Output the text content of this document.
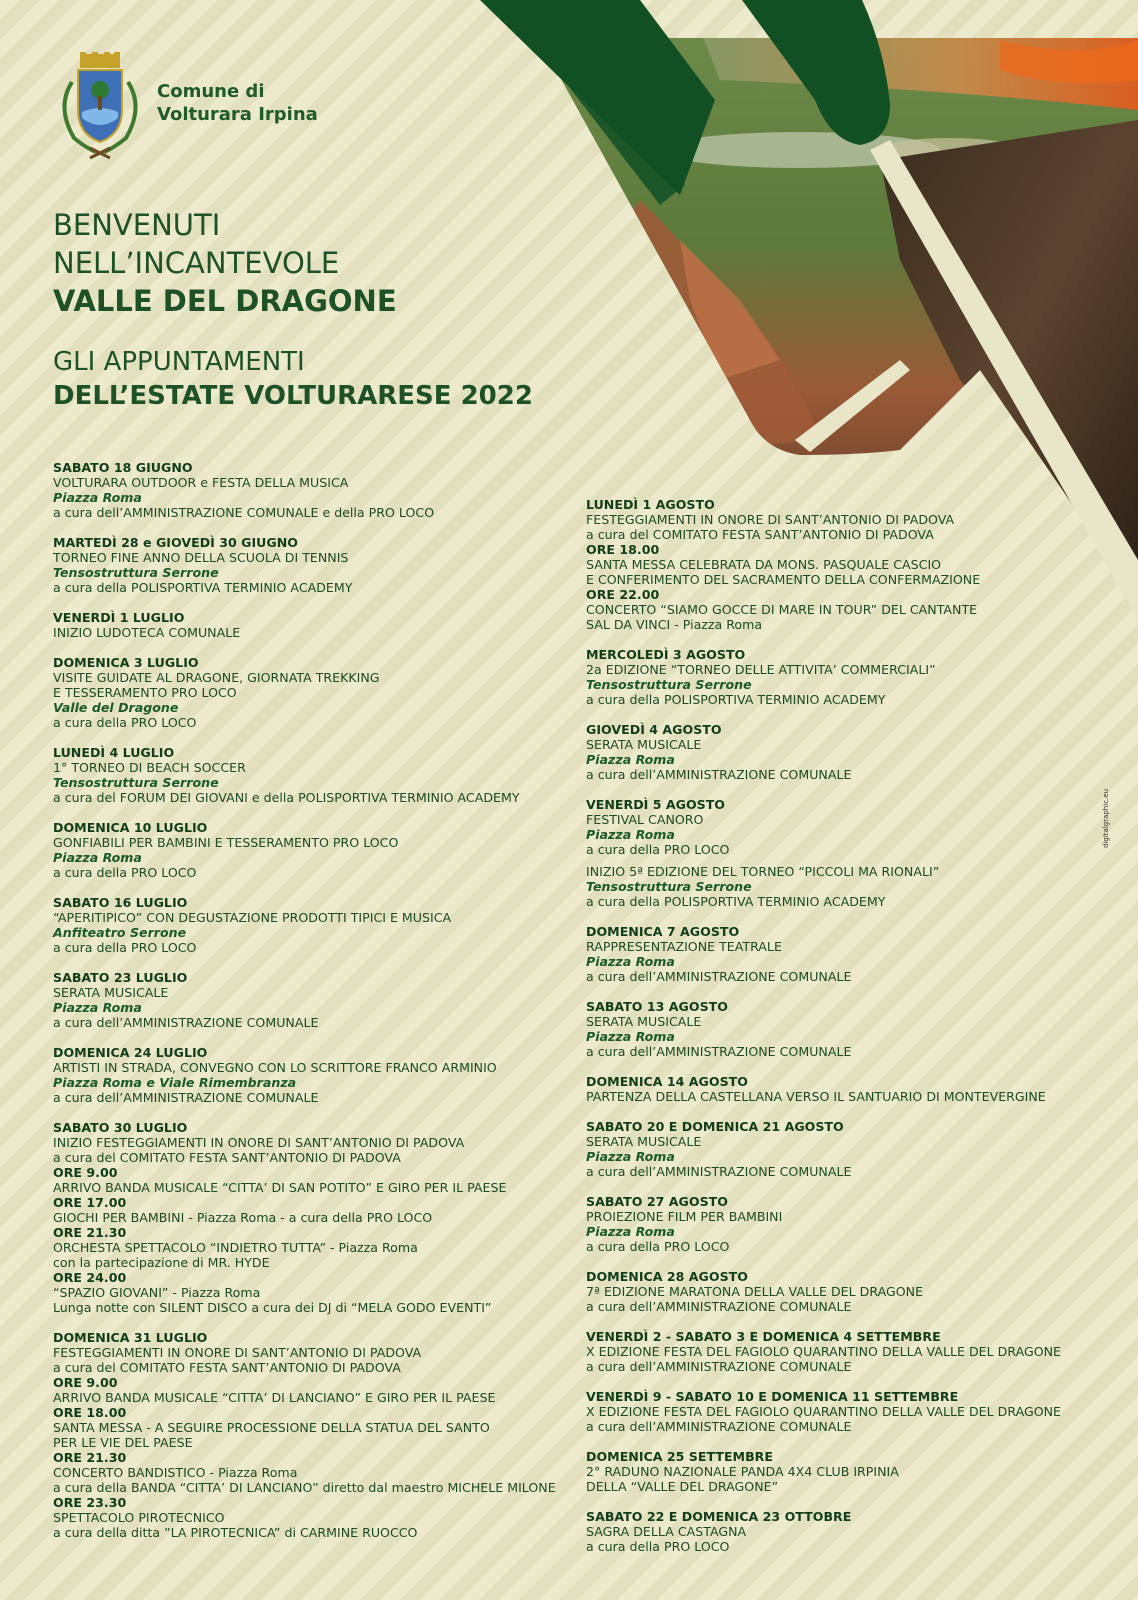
Comune di
Volturara Irpina
BENVENUTI
NELL’INCANTEVOLE
VALLE DEL DRAGONE
GLI APPUNTAMENTI
DELL’ESTATE VOLTURARESE 2022
SABATO 18 GIUGNO
VOLTURARA OUTDOOR e FESTA DELLA MUSICA
Piazza Roma
a cura dell’AMMINISTRAZIONE COMUNALE e della PRO LOCO
MARTEDÌ 28 e GIOVEDÌ 30 GIUGNO
TORNEO FINE ANNO DELLA SCUOLA DI TENNIS
Tensostruttura Serrone
a cura della POLISPORTIVA TERMINIO ACADEMY
VENERDÌ 1 LUGLIO
INIZIO LUDOTECA COMUNALE
DOMENICA 3 LUGLIO
VISITE GUIDATE AL DRAGONE, GIORNATA TREKKING
E TESSERAMENTO PRO LOCO
Valle del Dragone
a cura della PRO LOCO
LUNEDÌ 4 LUGLIO
1° TORNEO DI BEACH SOCCER
Tensostruttura Serrone
a cura del FORUM DEI GIOVANI e della POLISPORTIVA TERMINIO ACADEMY
DOMENICA 10 LUGLIO
GONFIABILI PER BAMBINI E TESSERAMENTO PRO LOCO
Piazza Roma
a cura della PRO LOCO
SABATO 16 LUGLIO
“APERITIPICO” CON DEGUSTAZIONE PRODOTTI TIPICI E MUSICA
Anfiteatro Serrone
a cura della PRO LOCO
SABATO 23 LUGLIO
SERATA MUSICALE
Piazza Roma
a cura dell’AMMINISTRAZIONE COMUNALE
DOMENICA 24 LUGLIO
ARTISTI IN STRADA, CONVEGNO CON LO SCRITTORE FRANCO ARMINIO
Piazza Roma e Viale Rimembranza
a cura dell’AMMINISTRAZIONE COMUNALE
SABATO 30 LUGLIO
INIZIO FESTEGGIAMENTI IN ONORE DI SANT’ANTONIO DI PADOVA
a cura del COMITATO FESTA SANT’ANTONIO DI PADOVA
ORE 9.00
ARRIVO BANDA MUSICALE “CITTA’ DI SAN POTITO” E GIRO PER IL PAESE
ORE 17.00
GIOCHI PER BAMBINI - Piazza Roma - a cura della PRO LOCO
ORE 21.30
ORCHESTA SPETTACOLO “INDIETRO TUTTA” - Piazza Roma
con la partecipazione di MR. HYDE
ORE 24.00
“SPAZIO GIOVANI” - Piazza Roma
Lunga notte con SILENT DISCO a cura dei DJ di “MELA GODO EVENTI”
DOMENICA 31 LUGLIO
FESTEGGIAMENTI IN ONORE DI SANT’ANTONIO DI PADOVA
a cura del COMITATO FESTA SANT’ANTONIO DI PADOVA
ORE 9.00
ARRIVO BANDA MUSICALE “CITTA’ DI LANCIANO” E GIRO PER IL PAESE
ORE 18.00
SANTA MESSA - A SEGUIRE PROCESSIONE DELLA STATUA DEL SANTO
PER LE VIE DEL PAESE
ORE 21.30
CONCERTO BANDISTICO - Piazza Roma
a cura della BANDA “CITTA’ DI LANCIANO” diretto dal maestro MICHELE MILONE
ORE 23.30
SPETTACOLO PIROTECNICO
a cura della ditta ”LA PIROTECNICA” di CARMINE RUOCCO
LUNEDÌ 1 AGOSTO
FESTEGGIAMENTI IN ONORE DI SANT’ANTONIO DI PADOVA
a cura del COMITATO FESTA SANT’ANTONIO DI PADOVA
ORE 18.00
SANTA MESSA CELEBRATA DA MONS. PASQUALE CASCIO
E CONFERIMENTO DEL SACRAMENTO DELLA CONFERMAZIONE
ORE 22.00
CONCERTO “SIAMO GOCCE DI MARE IN TOUR” DEL CANTANTE
SAL DA VINCI - Piazza Roma
MERCOLEDÌ 3 AGOSTO
2a EDIZIONE “TORNEO DELLE ATTIVITA’ COMMERCIALI”
Tensostruttura Serrone
a cura della POLISPORTIVA TERMINIO ACADEMY
GIOVEDÌ 4 AGOSTO
SERATA MUSICALE
Piazza Roma
a cura dell’AMMINISTRAZIONE COMUNALE
VENERDÌ 5 AGOSTO
FESTIVAL CANORO
Piazza Roma
a cura della PRO LOCO
INIZIO 5ª EDIZIONE DEL TORNEO “PICCOLI MA RIONALI”
Tensostruttura Serrone
a cura della POLISPORTIVA TERMINIO ACADEMY
DOMENICA 7 AGOSTO
RAPPRESENTAZIONE TEATRALE
Piazza Roma
a cura dell’AMMINISTRAZIONE COMUNALE
SABATO 13 AGOSTO
SERATA MUSICALE
Piazza Roma
a cura dell’AMMINISTRAZIONE COMUNALE
DOMENICA 14 AGOSTO
PARTENZA DELLA CASTELLANA VERSO IL SANTUARIO DI MONTEVERGINE
SABATO 20 E DOMENICA 21 AGOSTO
SERATA MUSICALE
Piazza Roma
a cura dell’AMMINISTRAZIONE COMUNALE
SABATO 27 AGOSTO
PROIEZIONE FILM PER BAMBINI
Piazza Roma
a cura della PRO LOCO
DOMENICA 28 AGOSTO
7ª EDIZIONE MARATONA DELLA VALLE DEL DRAGONE
a cura dell’AMMINISTRAZIONE COMUNALE
VENERDÌ 2 - SABATO 3 E DOMENICA 4 SETTEMBRE
X EDIZIONE FESTA DEL FAGIOLO QUARANTINO DELLA VALLE DEL DRAGONE
a cura dell’AMMINISTRAZIONE COMUNALE
VENERDÌ 9 - SABATO 10 E DOMENICA 11 SETTEMBRE
X EDIZIONE FESTA DEL FAGIOLO QUARANTINO DELLA VALLE DEL DRAGONE
a cura dell’AMMINISTRAZIONE COMUNALE
DOMENICA 25 SETTEMBRE
2° RADUNO NAZIONALE PANDA 4X4 CLUB IRPINIA
DELLA “VALLE DEL DRAGONE”
SABATO 22 E DOMENICA 23 OTTOBRE
SAGRA DELLA CASTAGNA
a cura della PRO LOCO
digitalgraphic.eu
